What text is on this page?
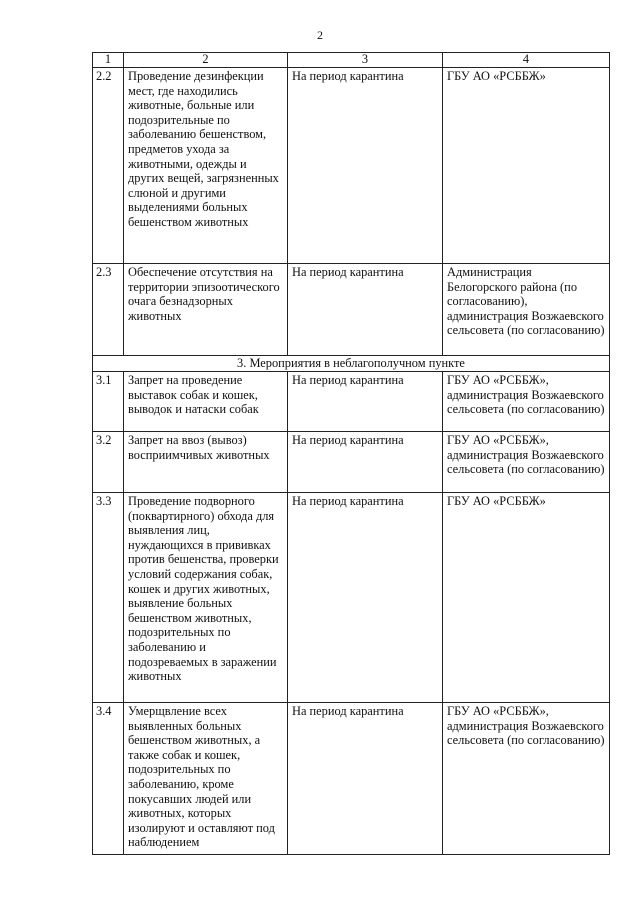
2
1	2	3	4
2.2	Проведение дезинфекции мест, где находились животные, больные или подозрительные по заболеванию бешенством, предметов ухода за животными, одежды и других вещей, загрязненных слюной и другими выделениями больных бешенством животных	На период карантина	ГБУ АО «РСББЖ»
2.3	Обеспечение отсутствия на территории эпизоотического очага безнадзорных животных	На период карантина	Администрация Белогорского района (по согласованию), администрация Возжаевского сельсовета (по согласованию)
3. Мероприятия в неблагополучном пункте			
3.1	Запрет на проведение выставок собак и кошек, выводок и натаски собак	На период карантина	ГБУ АО «РСББЖ», администрация Возжаевского сельсовета (по согласованию)
3.2	Запрет на ввоз (вывоз) восприимчивых животных	На период карантина	ГБУ АО «РСББЖ», администрация Возжаевского сельсовета (по согласованию)
3.3	Проведение подворного (поквартирного) обхода для выявления лиц, нуждающихся в прививках против бешенства, проверки условий содержания собак, кошек и других животных, выявление больных бешенством животных, подозрительных по заболеванию и подозреваемых в заражении животных	На период карантина	ГБУ АО «РСББЖ»
3.4	Умерщвление всех выявленных больных бешенством животных, а также собак и кошек, подозрительных по заболеванию, кроме покусавших людей или животных, которых изолируют и оставляют под наблюдением	На период карантина	ГБУ АО «РСББЖ», администрация Возжаевского сельсовета (по согласованию)
